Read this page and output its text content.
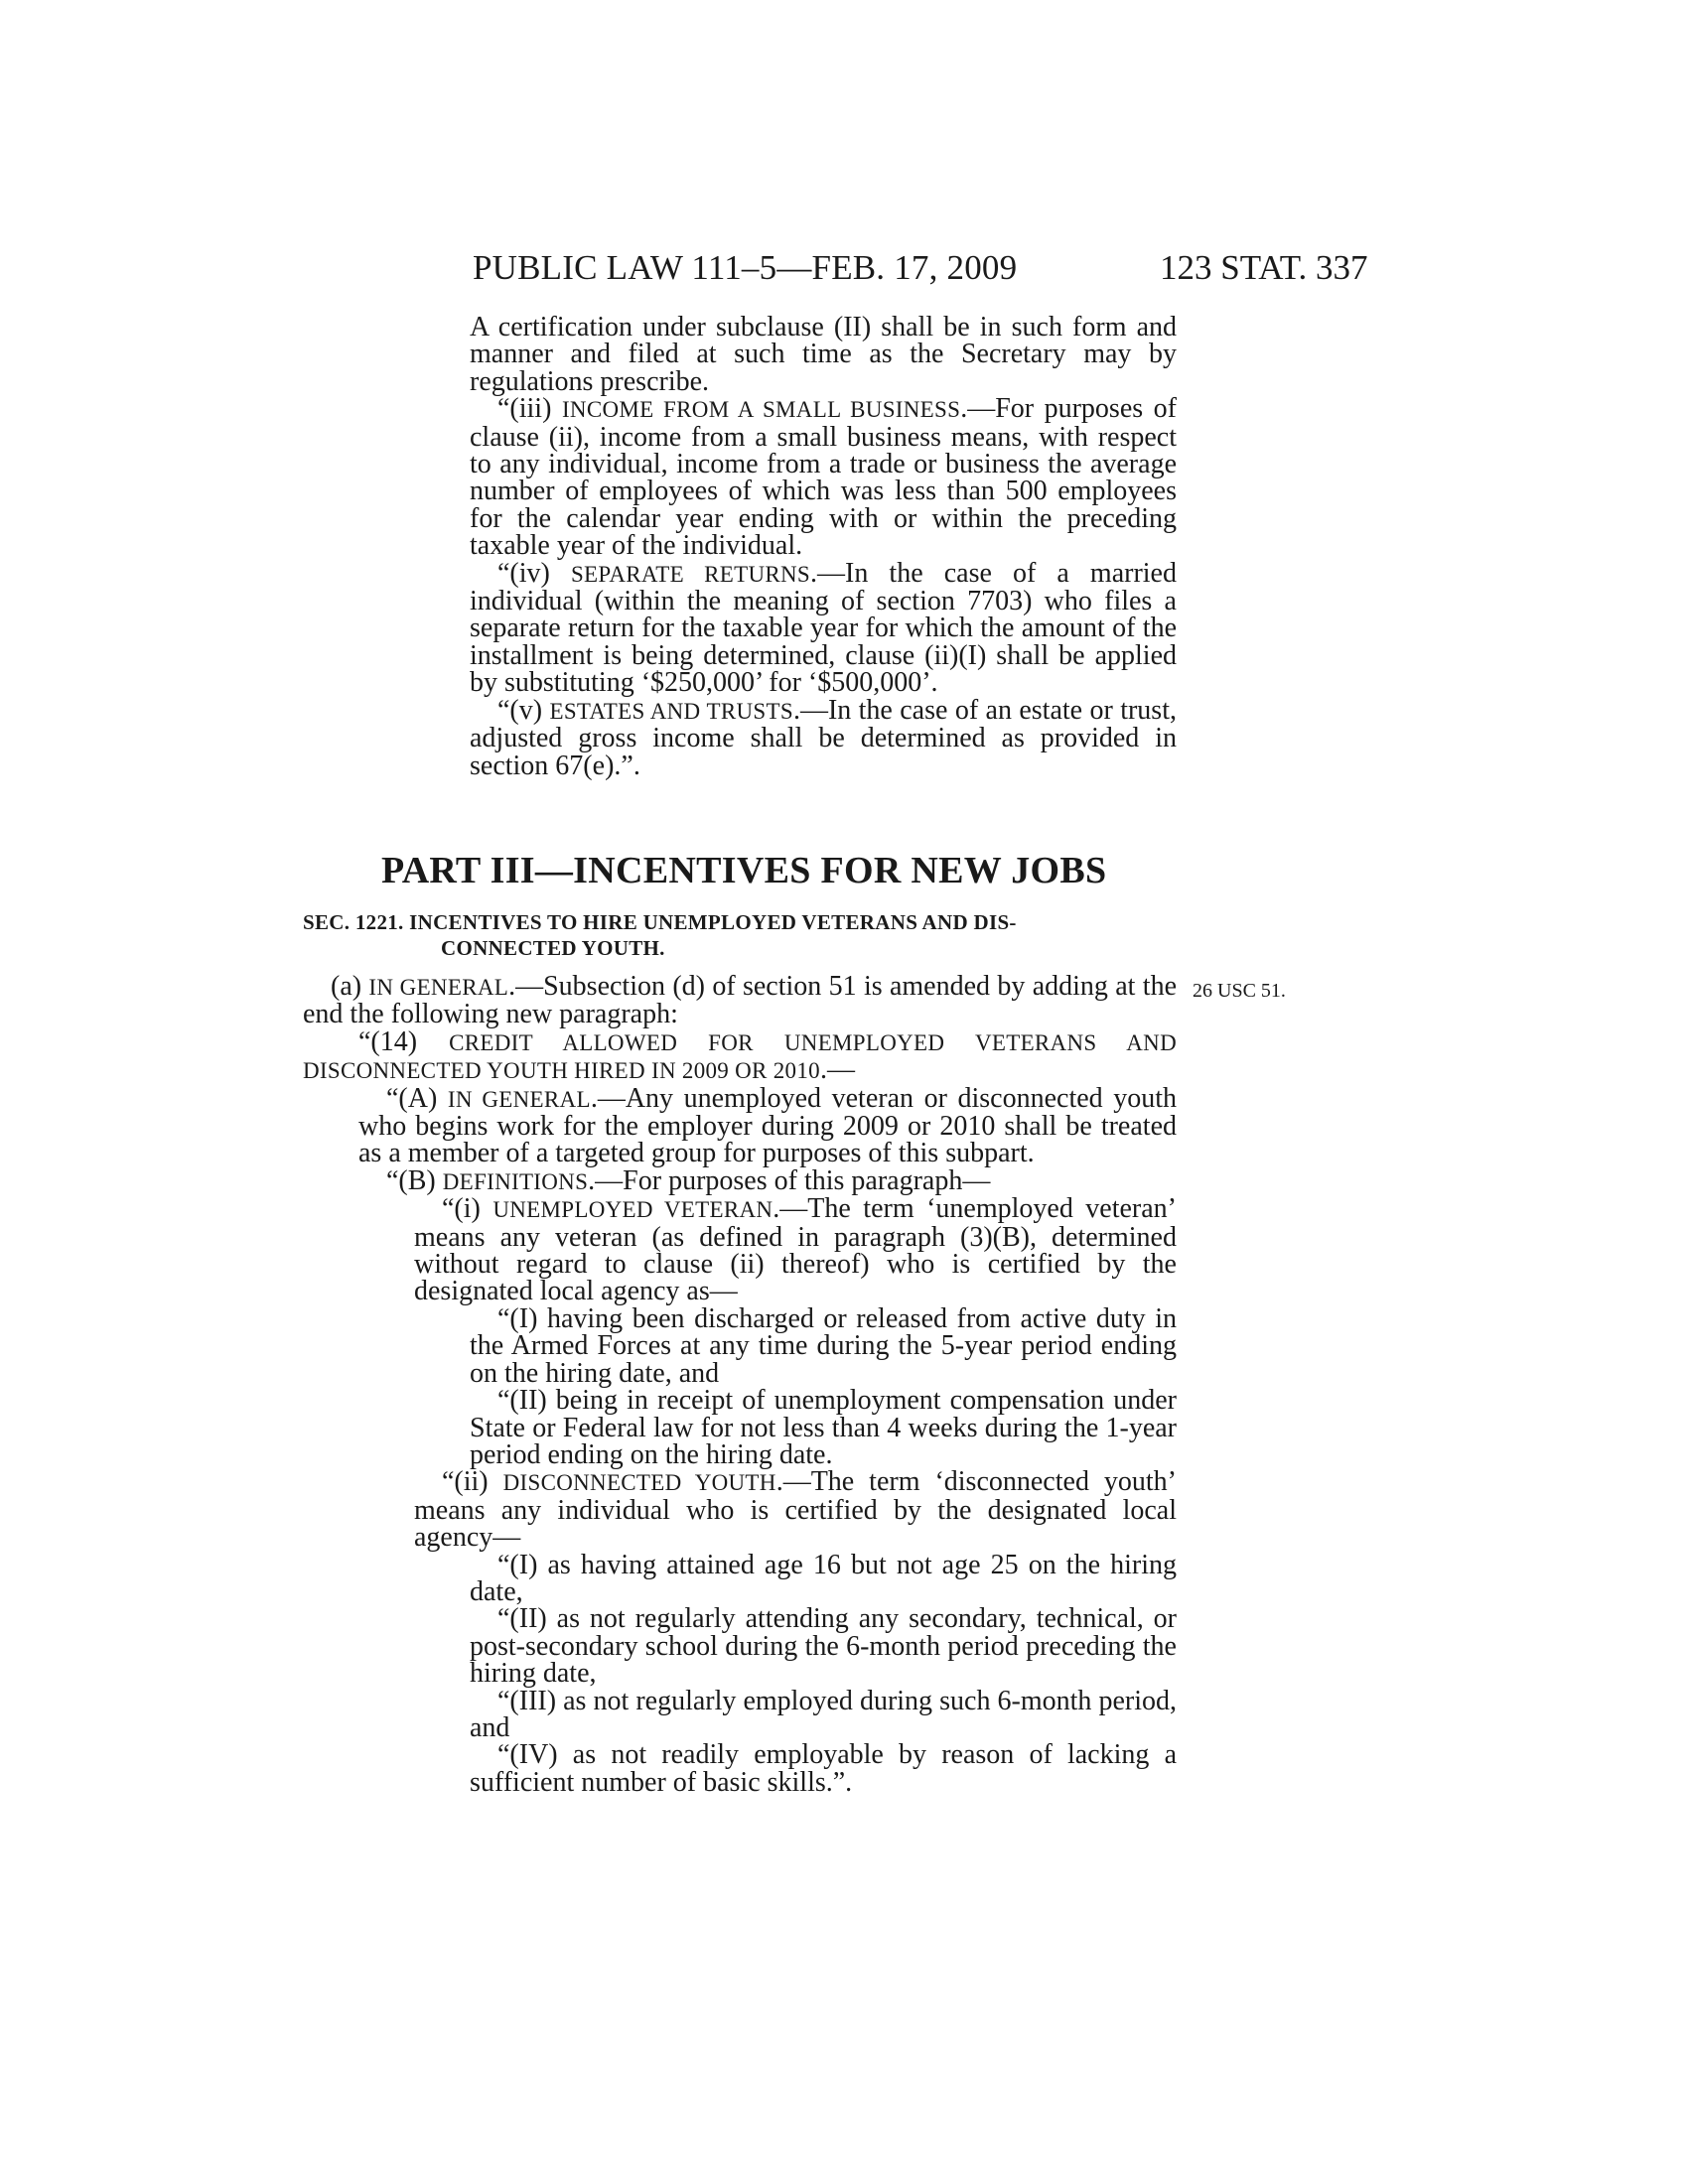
PUBLIC LAW 111–5—FEB. 17, 2009	123 STAT. 337
A certification under subclause (II) shall be in such form and manner and filed at such time as the Secretary may by regulations prescribe.
“(iii) INCOME FROM A SMALL BUSINESS.—For purposes of clause (ii), income from a small business means, with respect to any individual, income from a trade or business the average number of employees of which was less than 500 employees for the calendar year ending with or within the preceding taxable year of the individual.
“(iv) SEPARATE RETURNS.—In the case of a married individual (within the meaning of section 7703) who files a separate return for the taxable year for which the amount of the installment is being determined, clause (ii)(I) shall be applied by substituting ‘$250,000’ for ‘$500,000’.
“(v) ESTATES AND TRUSTS.—In the case of an estate or trust, adjusted gross income shall be determined as provided in section 67(e).”.
PART III—INCENTIVES FOR NEW JOBS
SEC. 1221. INCENTIVES TO HIRE UNEMPLOYED VETERANS AND DIS-
CONNECTED YOUTH.
26 USC 51.
(a) IN GENERAL.—Subsection (d) of section 51 is amended by adding at the end the following new paragraph:
“(14) CREDIT ALLOWED FOR UNEMPLOYED VETERANS AND DISCONNECTED YOUTH HIRED IN 2009 OR 2010.—
“(A) IN GENERAL.—Any unemployed veteran or disconnected youth who begins work for the employer during 2009 or 2010 shall be treated as a member of a targeted group for purposes of this subpart.
“(B) DEFINITIONS.—For purposes of this paragraph—
“(i) UNEMPLOYED VETERAN.—The term ‘unemployed veteran’ means any veteran (as defined in paragraph (3)(B), determined without regard to clause (ii) thereof) who is certified by the designated local agency as—
“(I) having been discharged or released from active duty in the Armed Forces at any time during the 5-year period ending on the hiring date, and
“(II) being in receipt of unemployment compensation under State or Federal law for not less than 4 weeks during the 1-year period ending on the hiring date.
“(ii) DISCONNECTED YOUTH.—The term ‘disconnected youth’ means any individual who is certified by the designated local agency—
“(I) as having attained age 16 but not age 25 on the hiring date,
“(II) as not regularly attending any secondary, technical, or post-secondary school during the 6-month period preceding the hiring date,
“(III) as not regularly employed during such 6-month period, and
“(IV) as not readily employable by reason of lacking a sufficient number of basic skills.”.
